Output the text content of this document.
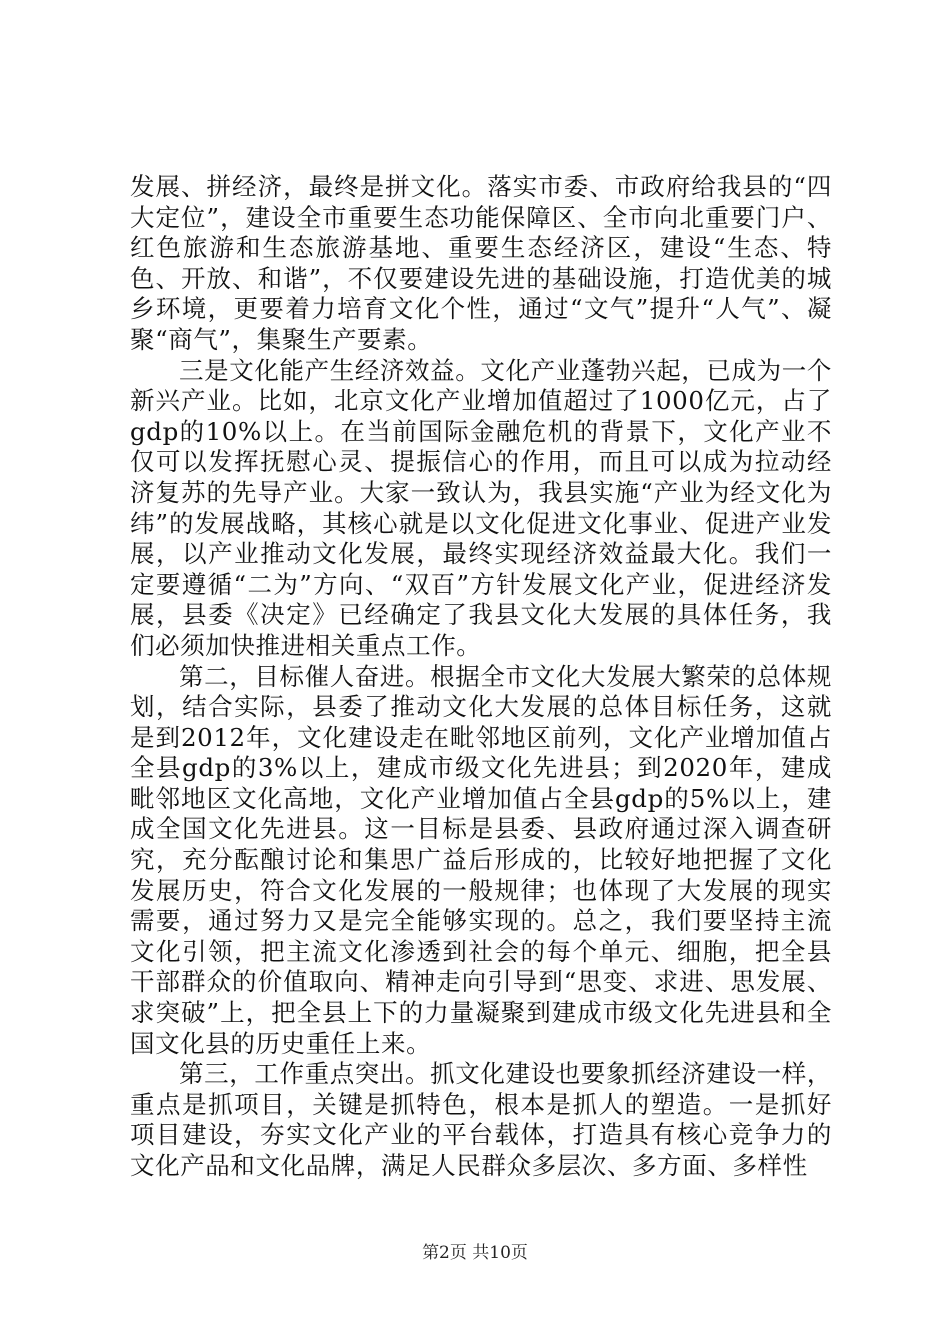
发展、拼经济，最终是拼文化。落实市委、市政府给我县的“四大定位”，建设全市重要生态功能保障区、全市向北重要门户、红色旅游和生态旅游基地、重要生态经济区，建设“生态、特色、开放、和谐”，不仅要建设先进的基础设施，打造优美的城乡环境，更要着力培育文化个性，通过“文气”提升“人气”、凝聚“商气”，集聚生产要素。

三是文化能产生经济效益。文化产业蓬勃兴起，已成为一个新兴产业。比如，北京文化产业增加值超过了1000亿元，占了gdp的10%以上。在当前国际金融危机的背景下，文化产业不仅可以发挥抚慰心灵、提振信心的作用，而且可以成为拉动经济复苏的先导产业。大家一致认为，我县实施“产业为经文化为纬”的发展战略，其核心就是以文化促进文化事业、促进产业发展，以产业推动文化发展，最终实现经济效益最大化。我们一定要遵循“二为”方向、“双百”方针发展文化产业，促进经济发展，县委《决定》已经确定了我县文化大发展的具体任务，我们必须加快推进相关重点工作。

第二，目标催人奋进。根据全市文化大发展大繁荣的总体规划，结合实际，县委了推动文化大发展的总体目标任务，这就是到2012年，文化建设走在毗邻地区前列，文化产业增加值占全县gdp的3%以上，建成市级文化先进县；到2020年，建成毗邻地区文化高地，文化产业增加值占全县gdp的5%以上，建成全国文化先进县。这一目标是县委、县政府通过深入调查研究，充分酝酿讨论和集思广益后形成的，比较好地把握了文化发展历史，符合文化发展的一般规律；也体现了大发展的现实需要，通过努力又是完全能够实现的。总之，我们要坚持主流文化引领，把主流文化渗透到社会的每个单元、细胞，把全县干部群众的价值取向、精神走向引导到“思变、求进、思发展、求突破”上，把全县上下的力量凝聚到建成市级文化先进县和全国文化县的历史重任上来。

第三，工作重点突出。抓文化建设也要象抓经济建设一样，重点是抓项目，关键是抓特色，根本是抓人的塑造。一是抓好项目建设，夯实文化产业的平台载体，打造具有核心竞争力的文化产品和文化品牌，满足人民群众多层次、多方面、多样性

第2页 共10页
